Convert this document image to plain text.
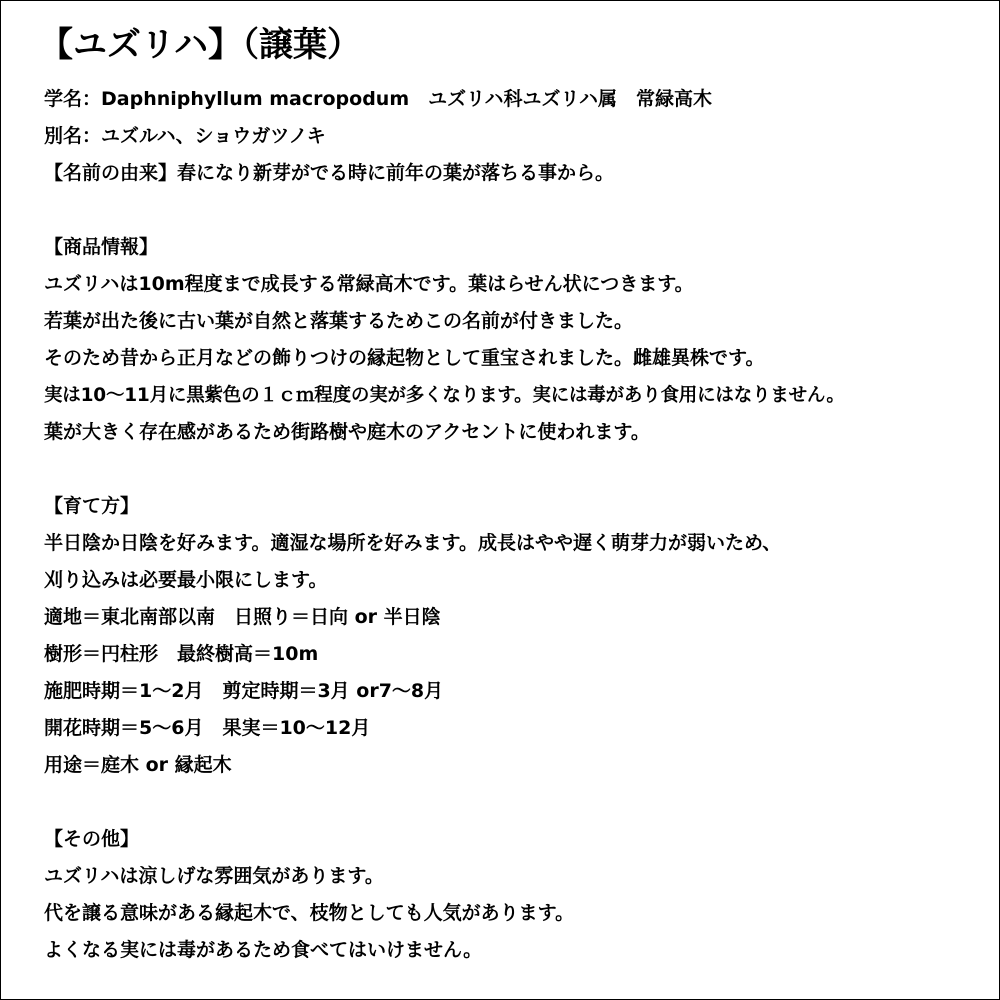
【ユズリハ】（譲葉）
学名：Daphniphyllum macropodum　ユズリハ科ユズリハ属　常緑高木
別名：ユズルハ、ショウガツノキ
【名前の由来】春になり新芽がでる時に前年の葉が落ちる事から。
【商品情報】
ユズリハは10m程度まで成長する常緑高木です。葉はらせん状につきます。
若葉が出た後に古い葉が自然と落葉するためこの名前が付きました。
そのため昔から正月などの飾りつけの縁起物として重宝されました。雌雄異株です。
実は10～11月に黒紫色の１ｃｍ程度の実が多くなります。実には毒があり食用にはなりません。
葉が大きく存在感があるため街路樹や庭木のアクセントに使われます。
【育て方】
半日陰か日陰を好みます。適湿な場所を好みます。成長はやや遅く萌芽力が弱いため、
刈り込みは必要最小限にします。
適地＝東北南部以南　日照り＝日向 or 半日陰
樹形＝円柱形　最終樹高＝10m
施肥時期＝1～2月　剪定時期＝3月 or7～8月
開花時期＝5～6月　果実＝10～12月
用途＝庭木 or 縁起木
【その他】
ユズリハは涼しげな雰囲気があります。
代を譲る意味がある縁起木で、枝物としても人気があります。
よくなる実には毒があるため食べてはいけません。
